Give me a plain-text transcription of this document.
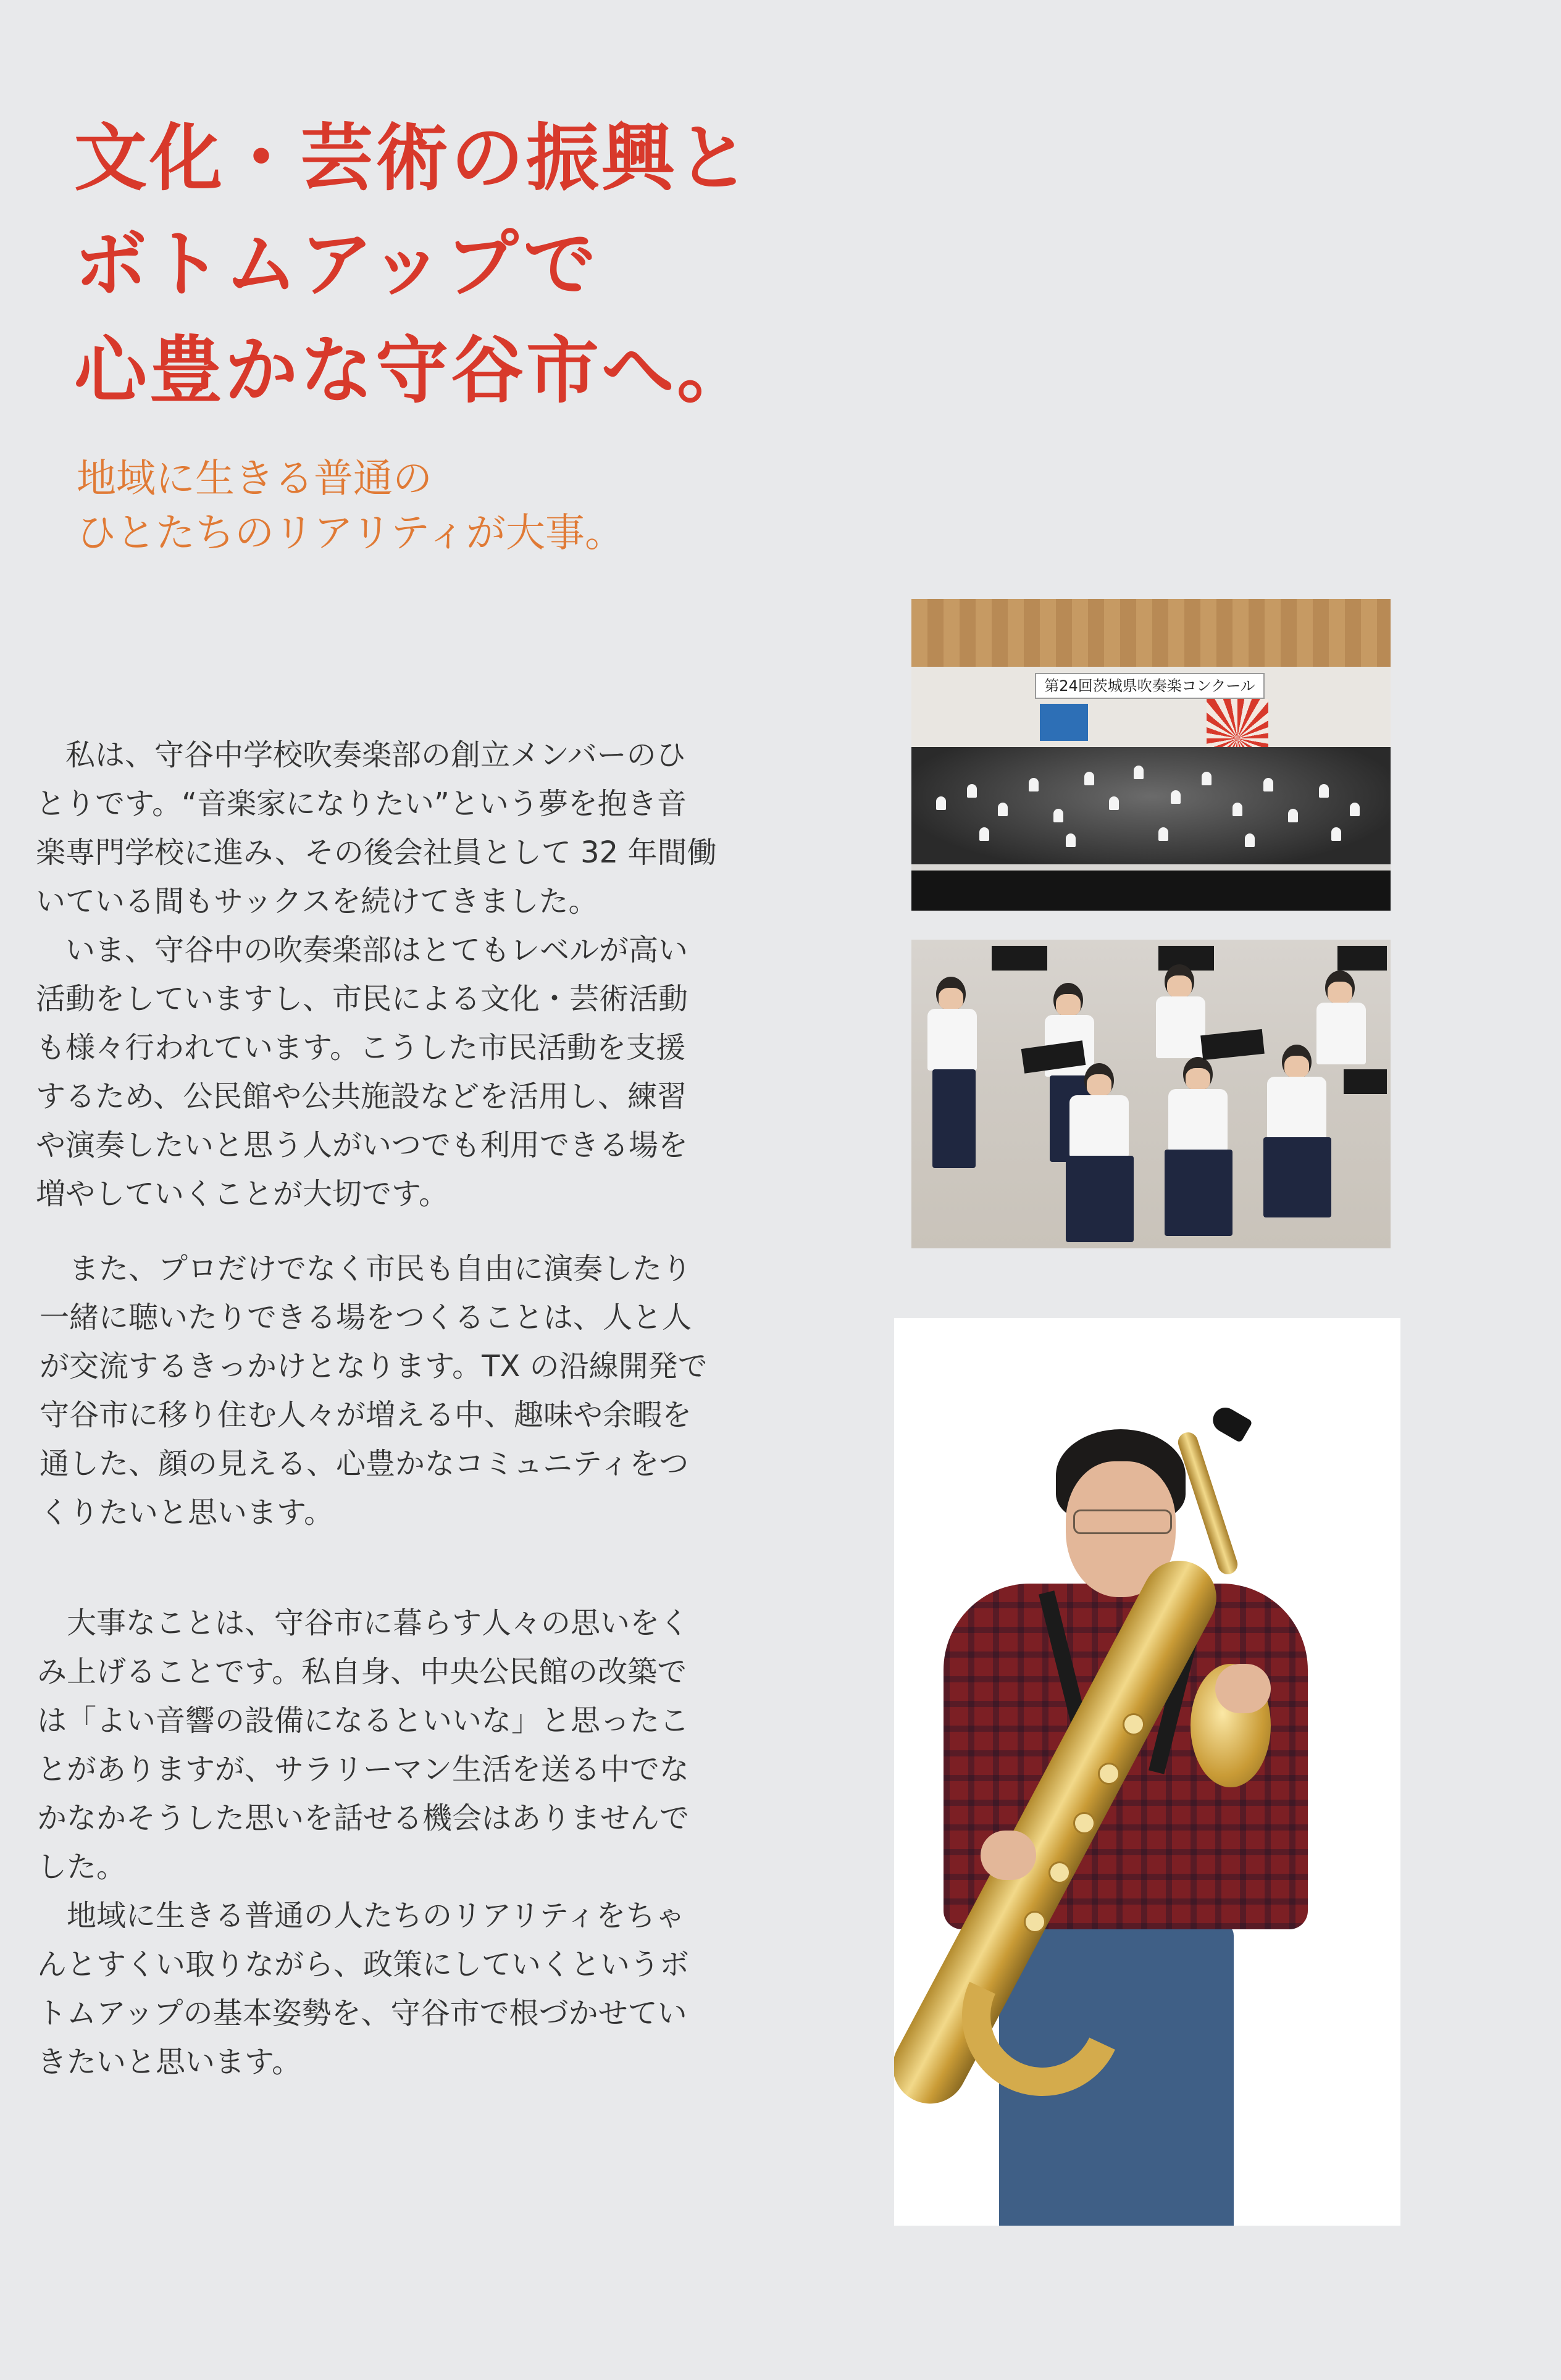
文化・芸術の振興と
ボトムアップで
心豊かな守谷市へ。
地域に生きる普通の
ひとたちのリアリティが大事。

私は、守谷中学校吹奏楽部の創立メンバーのひ
とりです。“音楽家になりたい”という夢を抱き音
楽専門学校に進み、その後会社員として 32 年間働
いている間もサックスを続けてきました。

いま、守谷中の吹奏楽部はとてもレベルが高い
活動をしていますし、市民による文化・芸術活動
も様々行われています。こうした市民活動を支援
するため、公民館や公共施設などを活用し、練習
や演奏したいと思う人がいつでも利用できる場を
増やしていくことが大切です。

また、プロだけでなく市民も自由に演奏したり
一緒に聴いたりできる場をつくることは、人と人
が交流するきっかけとなります。TX の沿線開発で
守谷市に移り住む人々が増える中、趣味や余暇を
通した、顔の見える、心豊かなコミュニティをつ
くりたいと思います。

大事なことは、守谷市に暮らす人々の思いをく
み上げることです。私自身、中央公民館の改築で
は「よい音響の設備になるといいな」と思ったこ
とがありますが、サラリーマン生活を送る中でな
かなかそうした思いを話せる機会はありませんで
した。

地域に生きる普通の人たちのリアリティをちゃ
んとすくい取りながら、政策にしていくというボ
トムアップの基本姿勢を、守谷市で根づかせてい
きたいと思います。

第24回茨城県吹奏楽コンクール
